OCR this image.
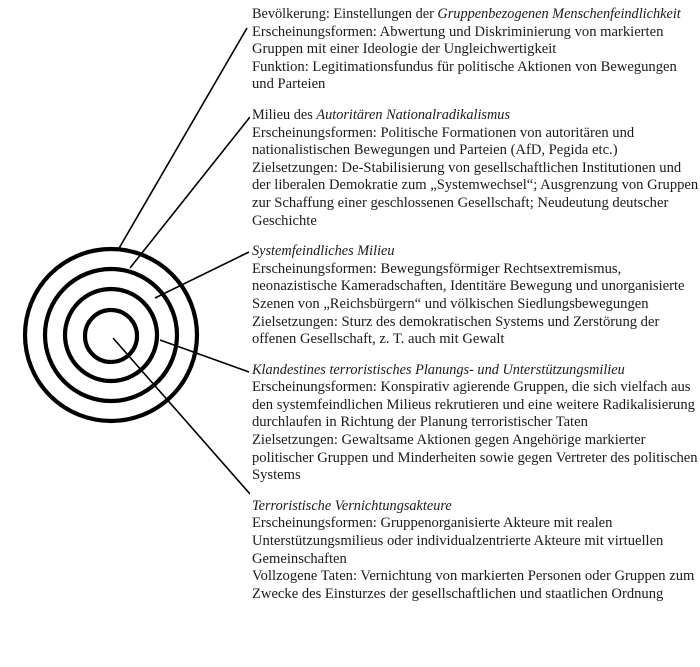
Bevölkerung: Einstellungen der Gruppenbezogenen Menschenfeindlichkeit

Erscheinungsformen: Abwertung und Diskriminierung von markierten Gruppen mit einer Ideologie der Ungleichwertigkeit

Funktion: Legitimationsfundus für politische Aktionen von Bewegungen und Parteien

Milieu des Autoritären Nationalradikalismus

Erscheinungsformen: Politische Formationen von autoritären und nationalistischen Bewegungen und Parteien (AfD, Pegida etc.)

Zielsetzungen: De-Stabilisierung von gesellschaftlichen Institutionen und der liberalen Demokratie zum „Systemwechsel“; Ausgrenzung von Gruppen zur Schaffung einer geschlossenen Gesellschaft; Neudeutung deutscher Geschichte

Systemfeindliches Milieu

Erscheinungsformen: Bewegungsförmiger Rechtsextremismus, neonazistische Kameradschaften, Identitäre Bewegung und unorganisierte Szenen von „Reichsbürgern“ und völkischen Siedlungsbewegungen

Zielsetzungen: Sturz des demokratischen Systems und Zerstörung der offenen Gesellschaft, z. T. auch mit Gewalt

Klandestines terroristisches Planungs- und Unterstützungsmilieu

Erscheinungsformen: Konspirativ agierende Gruppen, die sich vielfach aus den systemfeindlichen Milieus rekrutieren und eine weitere Radikalisierung durchlaufen in Richtung der Planung terroristischer Taten

Zielsetzungen: Gewaltsame Aktionen gegen Angehörige markierter politischer Gruppen und Minderheiten sowie gegen Vertreter des politischen Systems

Terroristische Vernichtungsakteure

Erscheinungsformen: Gruppenorganisierte Akteure mit realen Unterstützungsmilieus oder individualzentrierte Akteure mit virtuellen Gemeinschaften

Vollzogene Taten: Vernichtung von markierten Personen oder Gruppen zum Zwecke des Einsturzes der gesellschaftlichen und staatlichen Ordnung
